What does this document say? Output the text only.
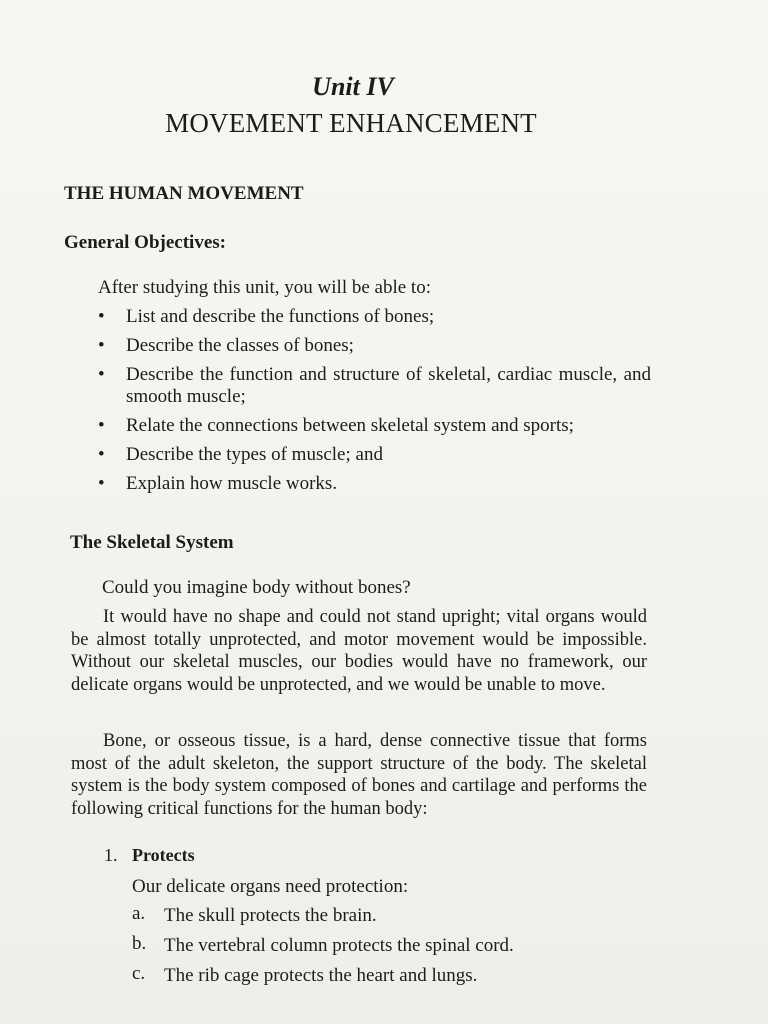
Unit IV
MOVEMENT ENHANCEMENT
THE HUMAN MOVEMENT
General Objectives:
After studying this unit, you will be able to:
• List and describe the functions of bones;
• Describe the classes of bones;
• Describe the function and structure of skeletal, cardiac muscle, and smooth muscle;
• Relate the connections between skeletal system and sports;
• Describe the types of muscle; and
• Explain how muscle works.
The Skeletal System
Could you imagine body without bones?

It would have no shape and could not stand upright; vital organs would be almost totally unprotected, and motor movement would be impossible. Without our skeletal muscles, our bodies would have no framework, our delicate organs would be unprotected, and we would be unable to move.

Bone, or osseous tissue, is a hard, dense connective tissue that forms most of the adult skeleton, the support structure of the body. The skeletal system is the body system composed of bones and cartilage and performs the following critical functions for the human body:

1. Protects
Our delicate organs need protection:
a. The skull protects the brain.
b. The vertebral column protects the spinal cord.
c. The rib cage protects the heart and lungs.
